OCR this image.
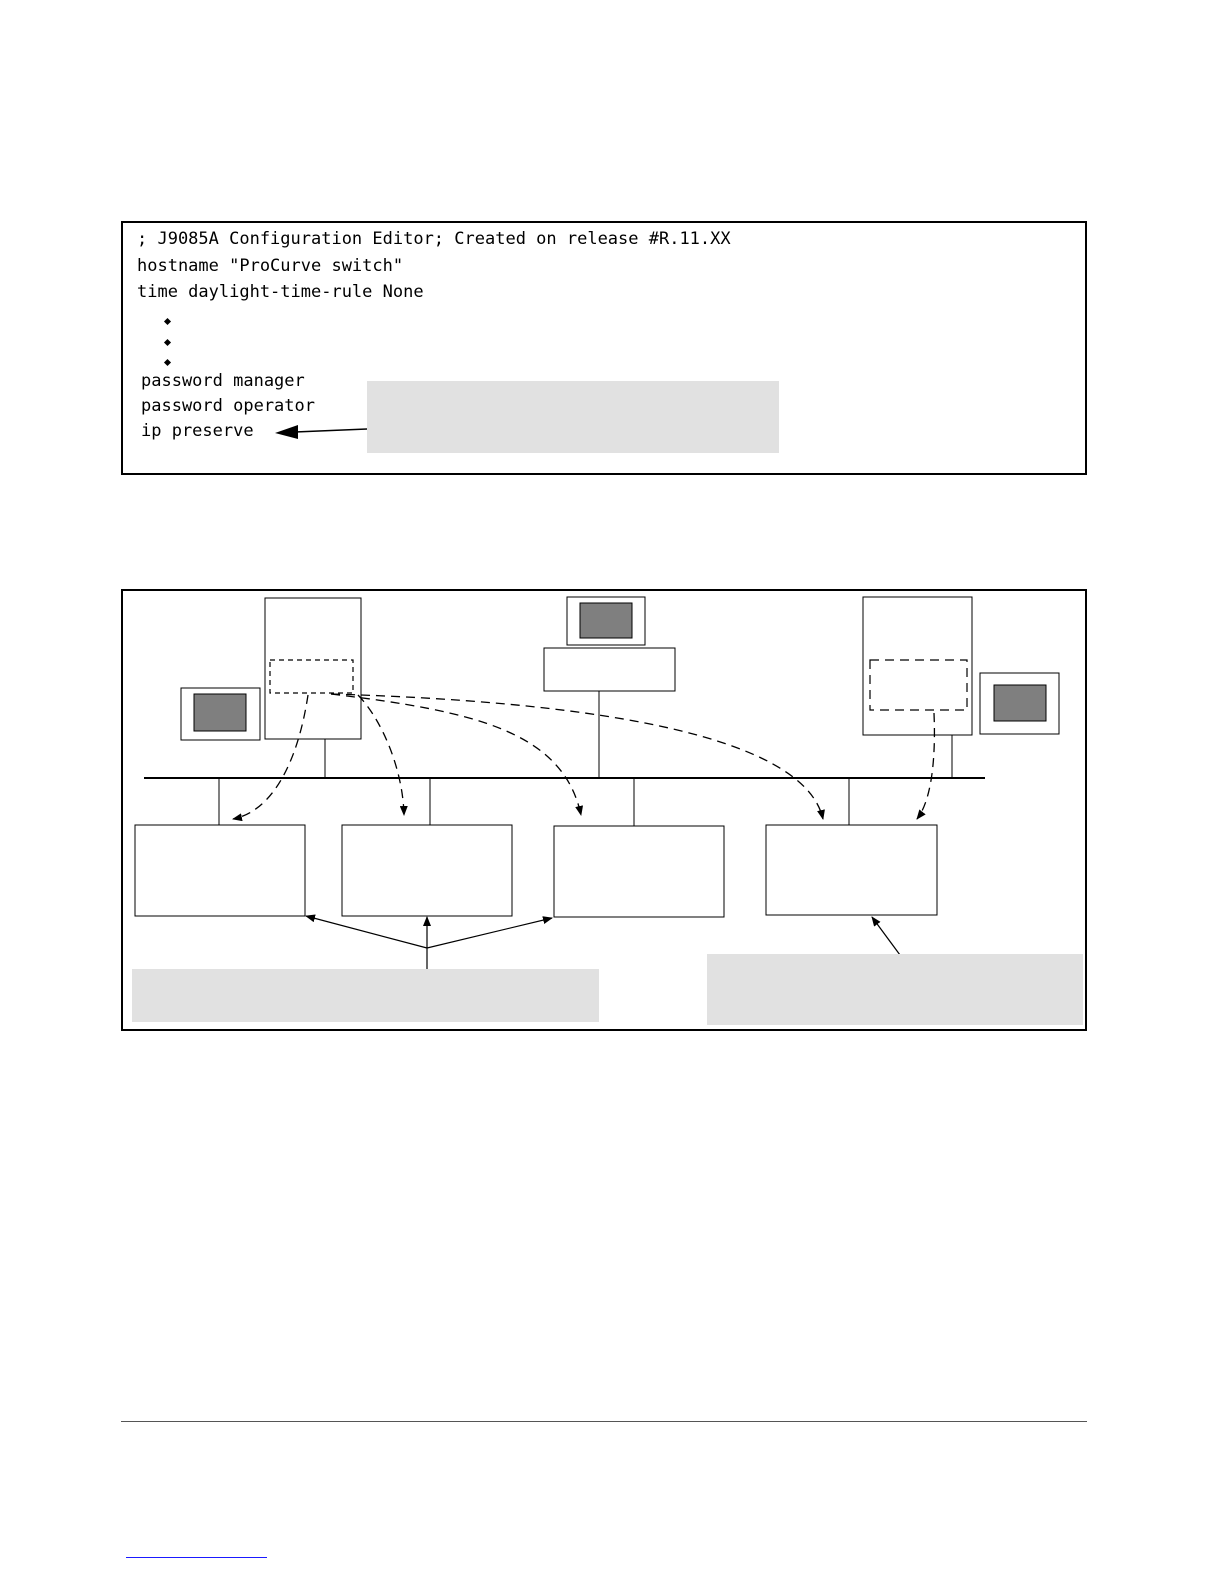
; J9085A Configuration Editor; Created on release #R.11.XX
hostname "ProCurve switch"
time daylight-time-rule None
password manager
password operator
ip preserve
